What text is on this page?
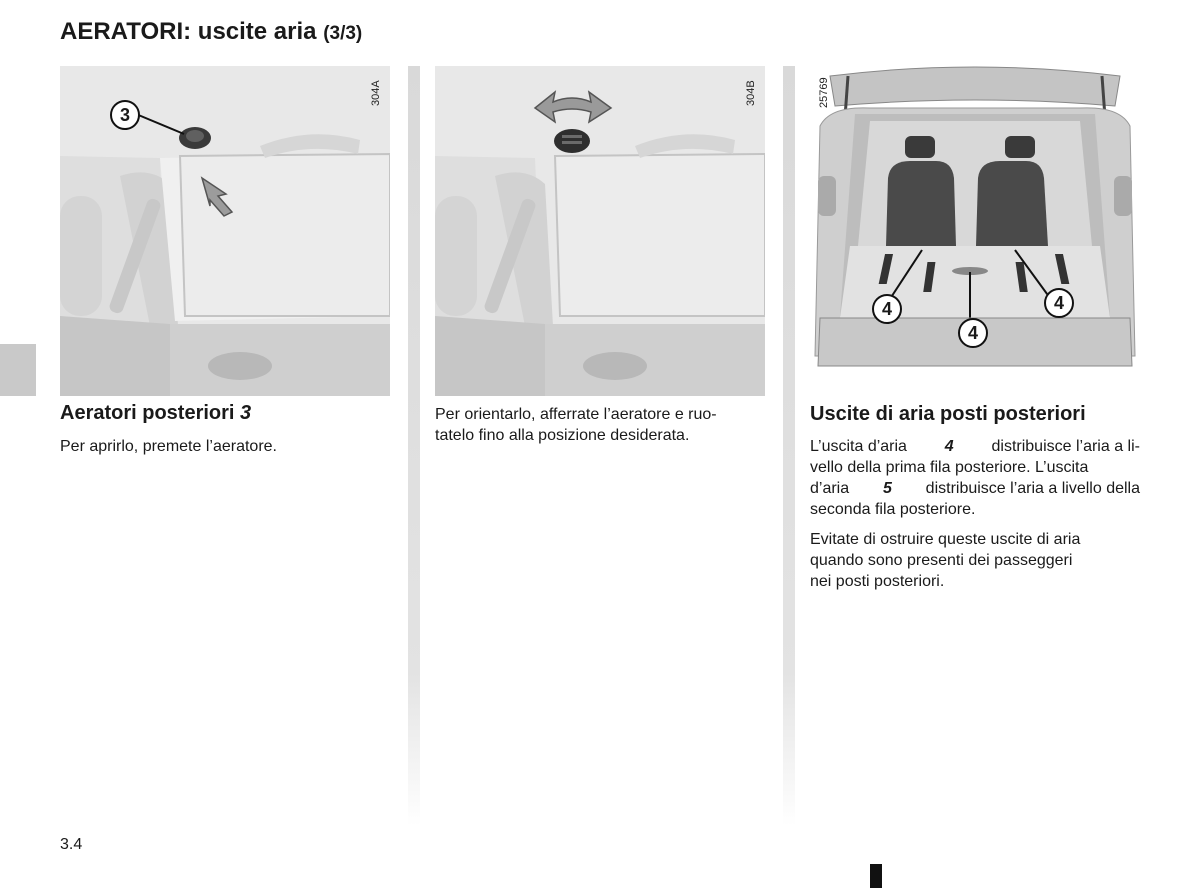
AERATORI: uscite aria (3/3)
3
304A	304B
4	4
4
25769
Aeratori posteriori 3

Per aprirlo, premete l’aeratore.

Per orientarlo, afferrate l’aeratore e ruo-
tatelo fino alla posizione desiderata.

Uscite di aria posti posteriori

L’uscita d’aria 4 distribuisce l’aria a li-
vello della prima fila posteriore. L’uscita
d’aria 5 distribuisce l’aria a livello della
seconda fila posteriore.

Evitate di ostruire queste uscite di aria
quando sono presenti dei passeggeri
nei posti posteriori.

3.4
